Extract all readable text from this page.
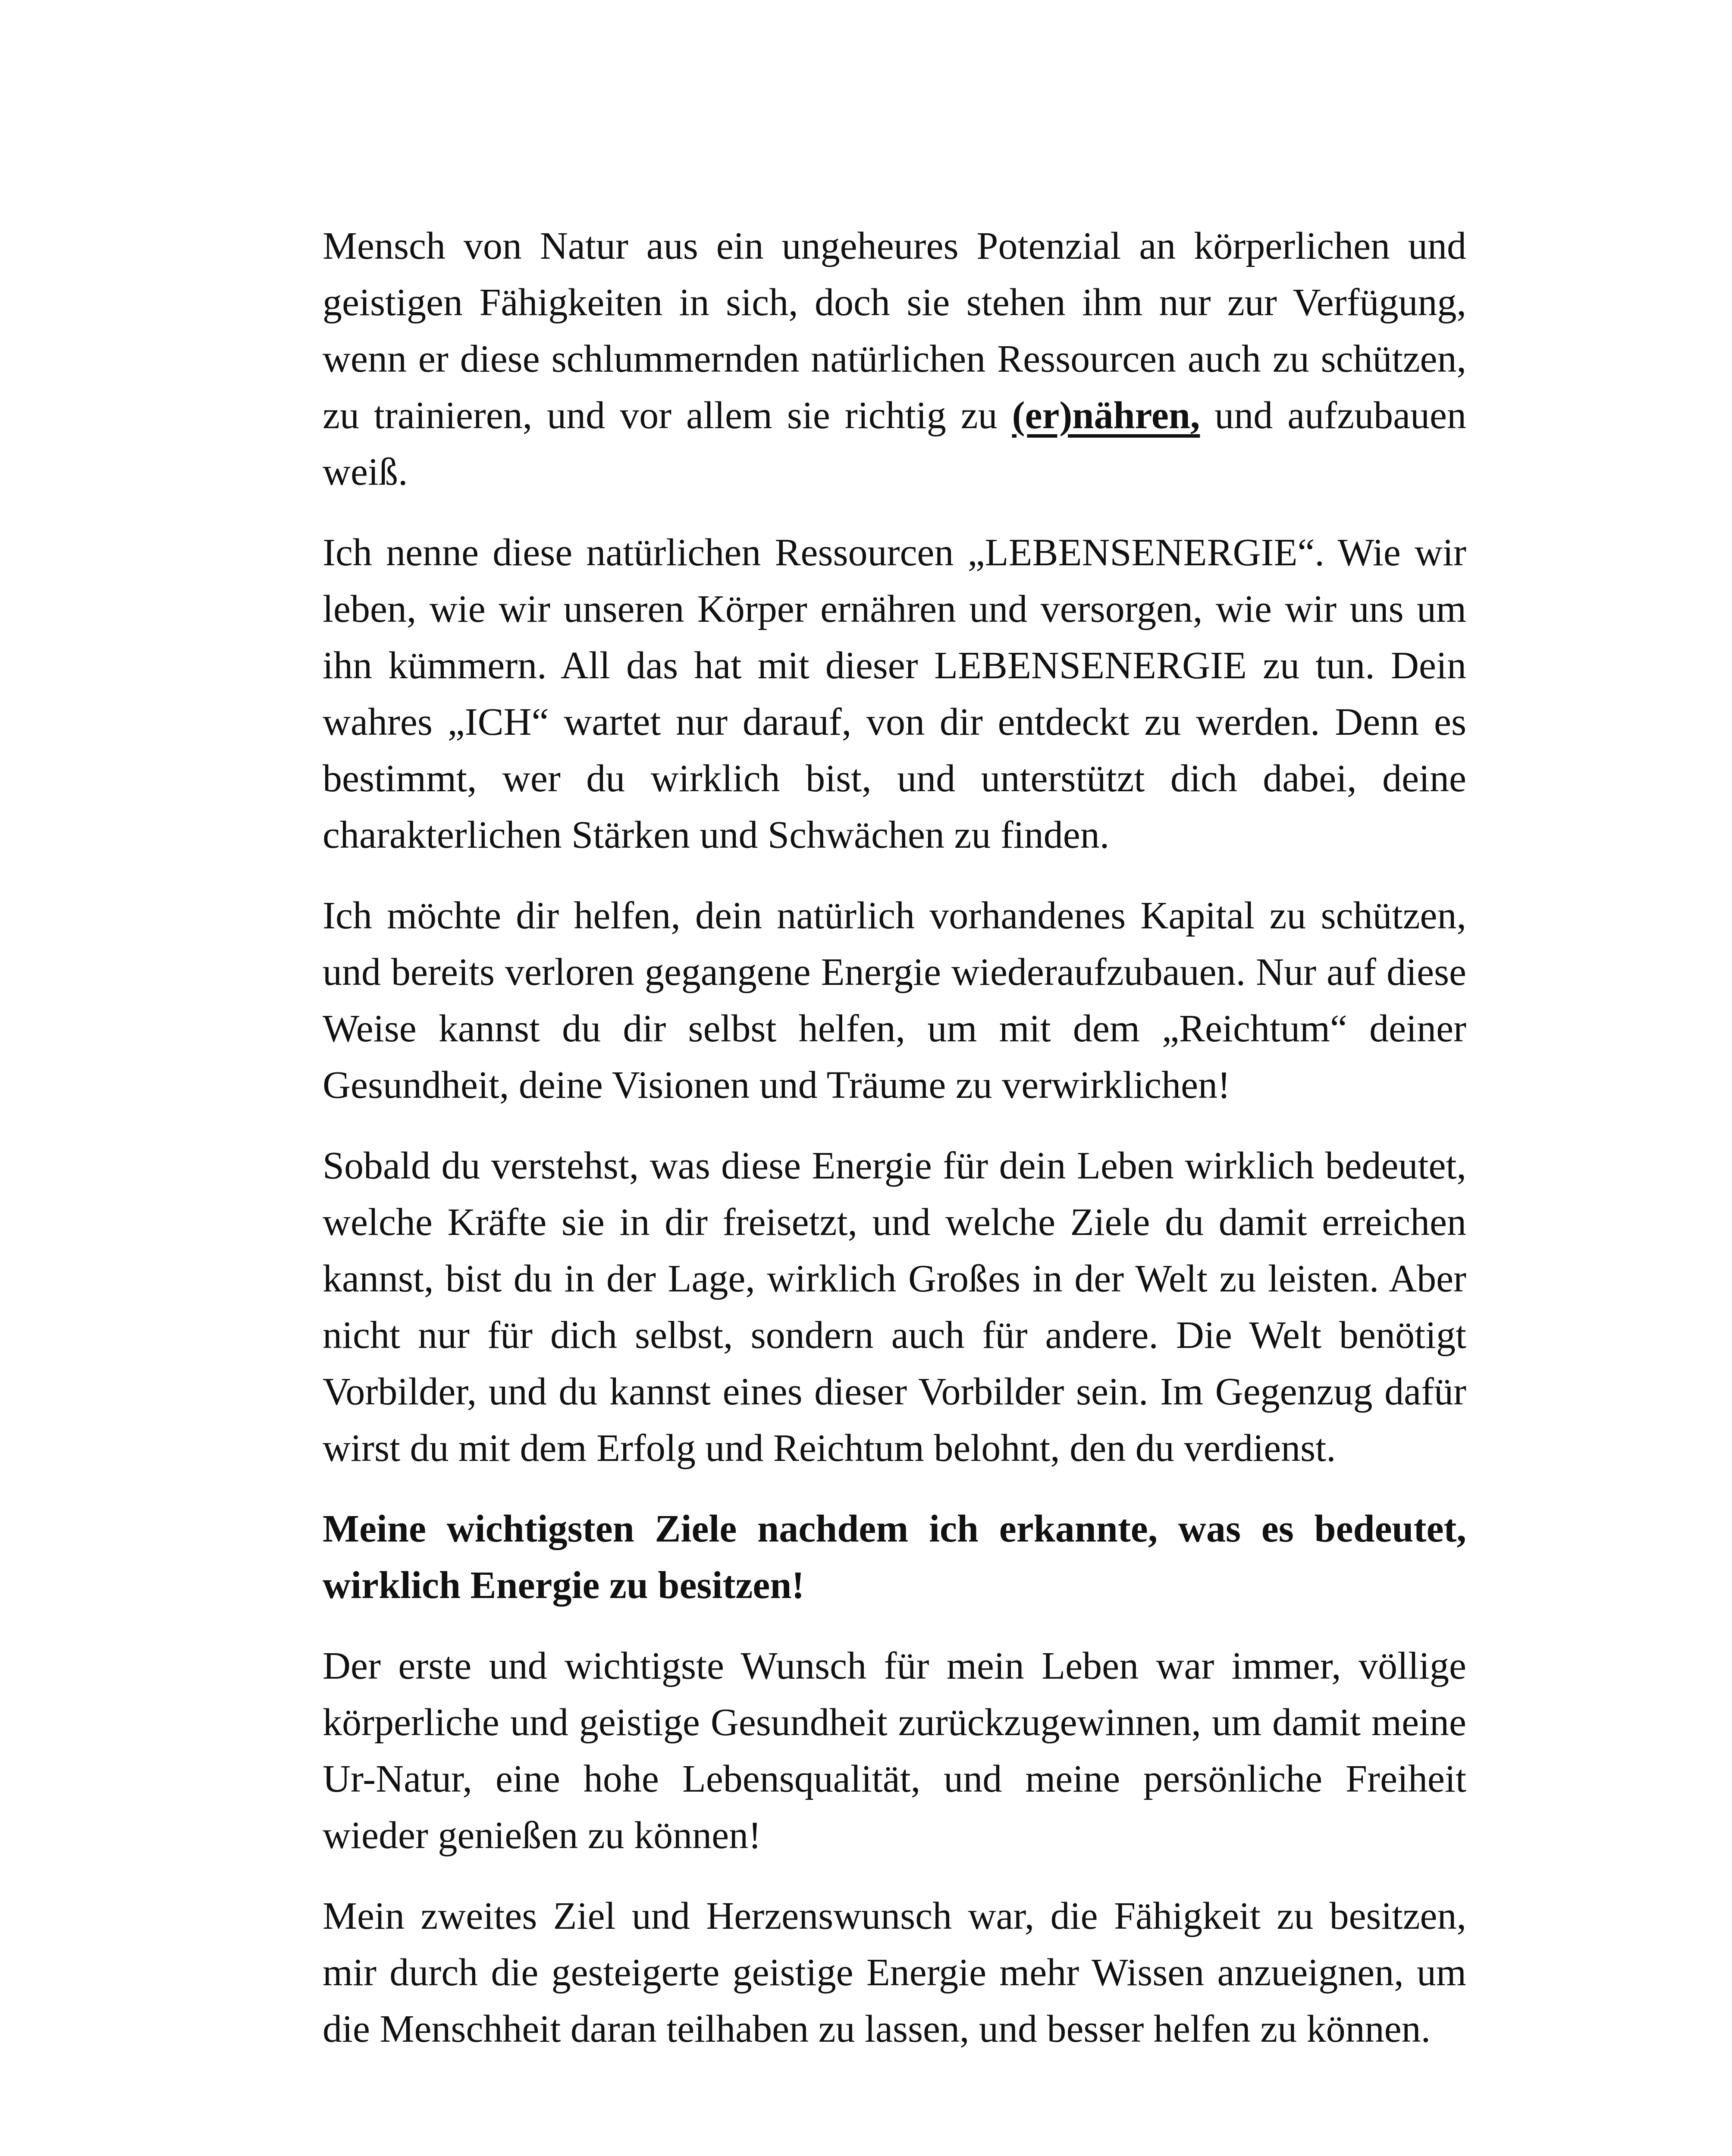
Mensch von Natur aus ein ungeheures Potenzial an körperlichen und geistigen Fähigkeiten in sich, doch sie stehen ihm nur zur Verfügung, wenn er diese schlummernden natürlichen Ressourcen auch zu schützen, zu trainieren, und vor allem sie richtig zu (er)nähren, und aufzubauen weiß.

Ich nenne diese natürlichen Ressourcen „LEBENSENERGIE“. Wie wir leben, wie wir unseren Körper ernähren und versorgen, wie wir uns um ihn kümmern. All das hat mit dieser LEBENSENERGIE zu tun. Dein wahres „ICH“ wartet nur darauf, von dir entdeckt zu werden. Denn es bestimmt, wer du wirklich bist, und unterstützt dich dabei, deine charakterlichen Stärken und Schwächen zu finden.

Ich möchte dir helfen, dein natürlich vorhandenes Kapital zu schützen, und bereits verloren gegangene Energie wiederaufzubauen. Nur auf diese Weise kannst du dir selbst helfen, um mit dem „Reichtum“ deiner Gesundheit, deine Visionen und Träume zu verwirklichen!

Sobald du verstehst, was diese Energie für dein Leben wirklich bedeutet, welche Kräfte sie in dir freisetzt, und welche Ziele du damit erreichen kannst, bist du in der Lage, wirklich Großes in der Welt zu leisten. Aber nicht nur für dich selbst, sondern auch für andere. Die Welt benötigt Vorbilder, und du kannst eines dieser Vorbilder sein. Im Gegenzug dafür wirst du mit dem Erfolg und Reichtum belohnt, den du verdienst.

Meine wichtigsten Ziele nachdem ich erkannte, was es bedeutet, wirklich Energie zu besitzen!

Der erste und wichtigste Wunsch für mein Leben war immer, völlige körperliche und geistige Gesundheit zurückzugewinnen, um damit meine Ur-Natur, eine hohe Lebensqualität, und meine persönliche Freiheit wieder genießen zu können!

Mein zweites Ziel und Herzenswunsch war, die Fähigkeit zu besitzen, mir durch die gesteigerte geistige Energie mehr Wissen anzueignen, um die Menschheit daran teilhaben zu lassen, und besser helfen zu können.
